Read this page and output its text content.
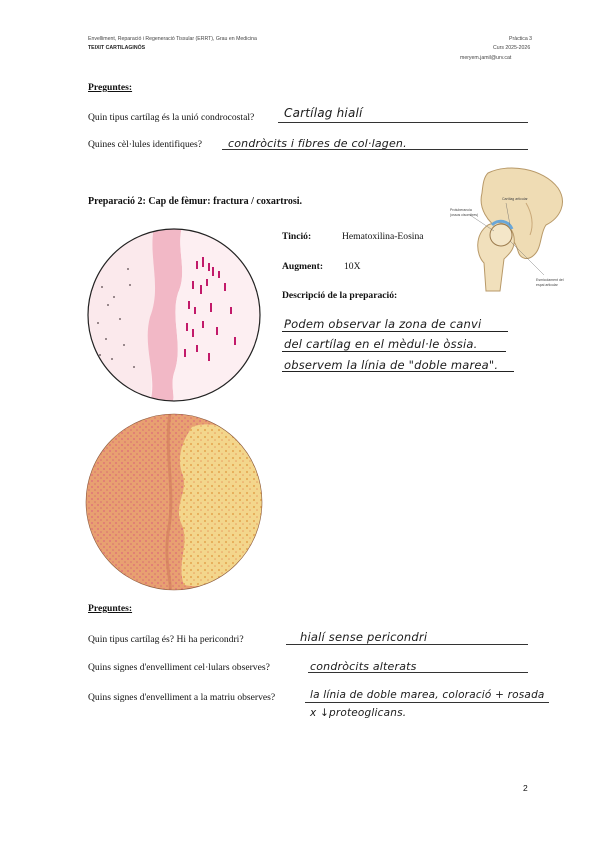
Envelliment, Reparació i Regeneració Tissular (ERRT), Grau en Medicina
TEIXIT CARTILAGINÓS
Pràctica 3
Curs 2025-2026
meryem.jamil@urv.cat
Preguntes:
Quin tipus cartílag és la unió condrocostal? Cartílag hialí
Quines cèl·lules identifiques? condròcits i fibres de col·lagen.
Preparació 2: Cap de fèmur: fractura / coxartrosi.	Cartílag articular
Protuberancia
(ossos cisomitres)
Esmicolament del
espai articular
Tinció:	Hematoxilina-Eosina
Augment: 10X
Descripció de la preparació:
Podem observar la zona de canvi
del cartílag en el mèdul·le òssia.
observem la línia de "doble marea".
Preguntes:
Quin tipus cartílag és? Hi ha pericondri?	hialí sense pericondri
Quins signes d'envelliment cel·lulars observes?	condròcits alterats
Quins signes d'envelliment a la matriu observes?	la línia de doble marea, coloració + rosada
x ↓proteoglicans.
2
